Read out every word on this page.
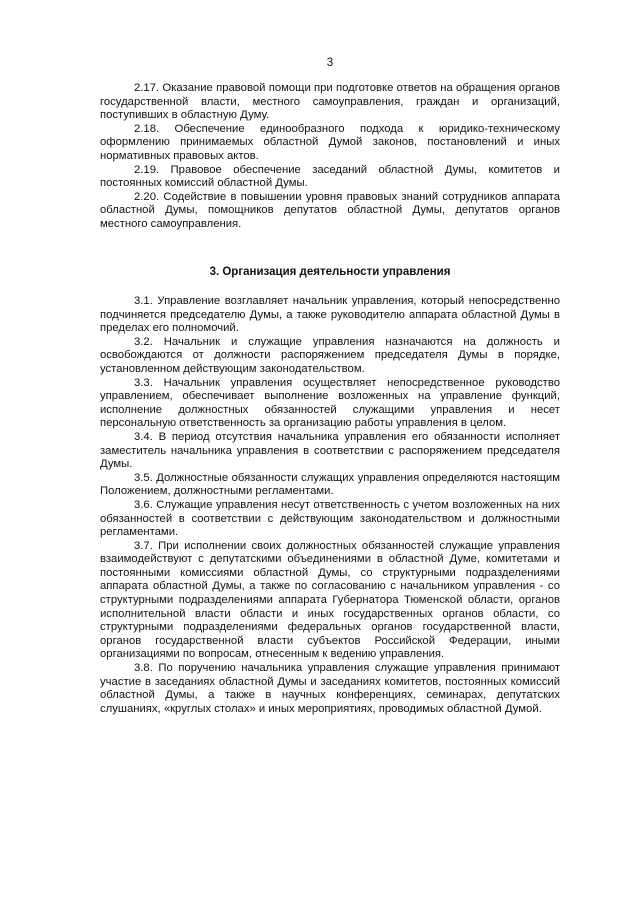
3

2.17. Оказание правовой помощи при подготовке ответов на обращения органов государственной власти, местного самоуправления, граждан и организаций, поступивших в областную Думу.

2.18. Обеспечение единообразного подхода к юридико-техническому оформлению принимаемых областной Думой законов, постановлений и иных нормативных правовых актов.

2.19. Правовое обеспечение заседаний областной Думы, комитетов и постоянных комиссий областной Думы.

2.20. Содействие в повышении уровня правовых знаний сотрудников аппарата областной Думы, помощников депутатов областной Думы, депутатов органов местного самоуправления.

3. Организация деятельности управления

3.1. Управление возглавляет начальник управления, который непосредственно подчиняется председателю Думы, а также руководителю аппарата областной Думы в пределах его полномочий.

3.2. Начальник и служащие управления назначаются на должность и освобождаются от должности распоряжением председателя Думы в порядке, установленном действующим законодательством.

3.3. Начальник управления осуществляет непосредственное руководство управлением, обеспечивает выполнение возложенных на управление функций, исполнение должностных обязанностей служащими управления и несет персональную ответственность за организацию работы управления в целом.

3.4. В период отсутствия начальника управления его обязанности исполняет заместитель начальника управления в соответствии с распоряжением председателя Думы.

3.5. Должностные обязанности служащих управления определяются настоящим Положением, должностными регламентами.

3.6. Служащие управления несут ответственность с учетом возложенных на них обязанностей в соответствии с действующим законодательством и должностными регламентами.

3.7. При исполнении своих должностных обязанностей служащие управления взаимодействуют с депутатскими объединениями в областной Думе, комитетами и постоянными комиссиями областной Думы, со структурными подразделениями аппарата областной Думы, а также по согласованию с начальником управления - со структурными подразделениями аппарата Губернатора Тюменской области, органов исполнительной власти области и иных государственных органов области, со структурными подразделениями федеральных органов государственной власти, органов государственной власти субъектов Российской Федерации, иными организациями по вопросам, отнесенным к ведению управления.

3.8. По поручению начальника управления служащие управления принимают участие в заседаниях областной Думы и заседаниях комитетов, постоянных комиссий областной Думы, а также в научных конференциях, семинарах, депутатских слушаниях, «круглых столах» и иных мероприятиях, проводимых областной Думой.
